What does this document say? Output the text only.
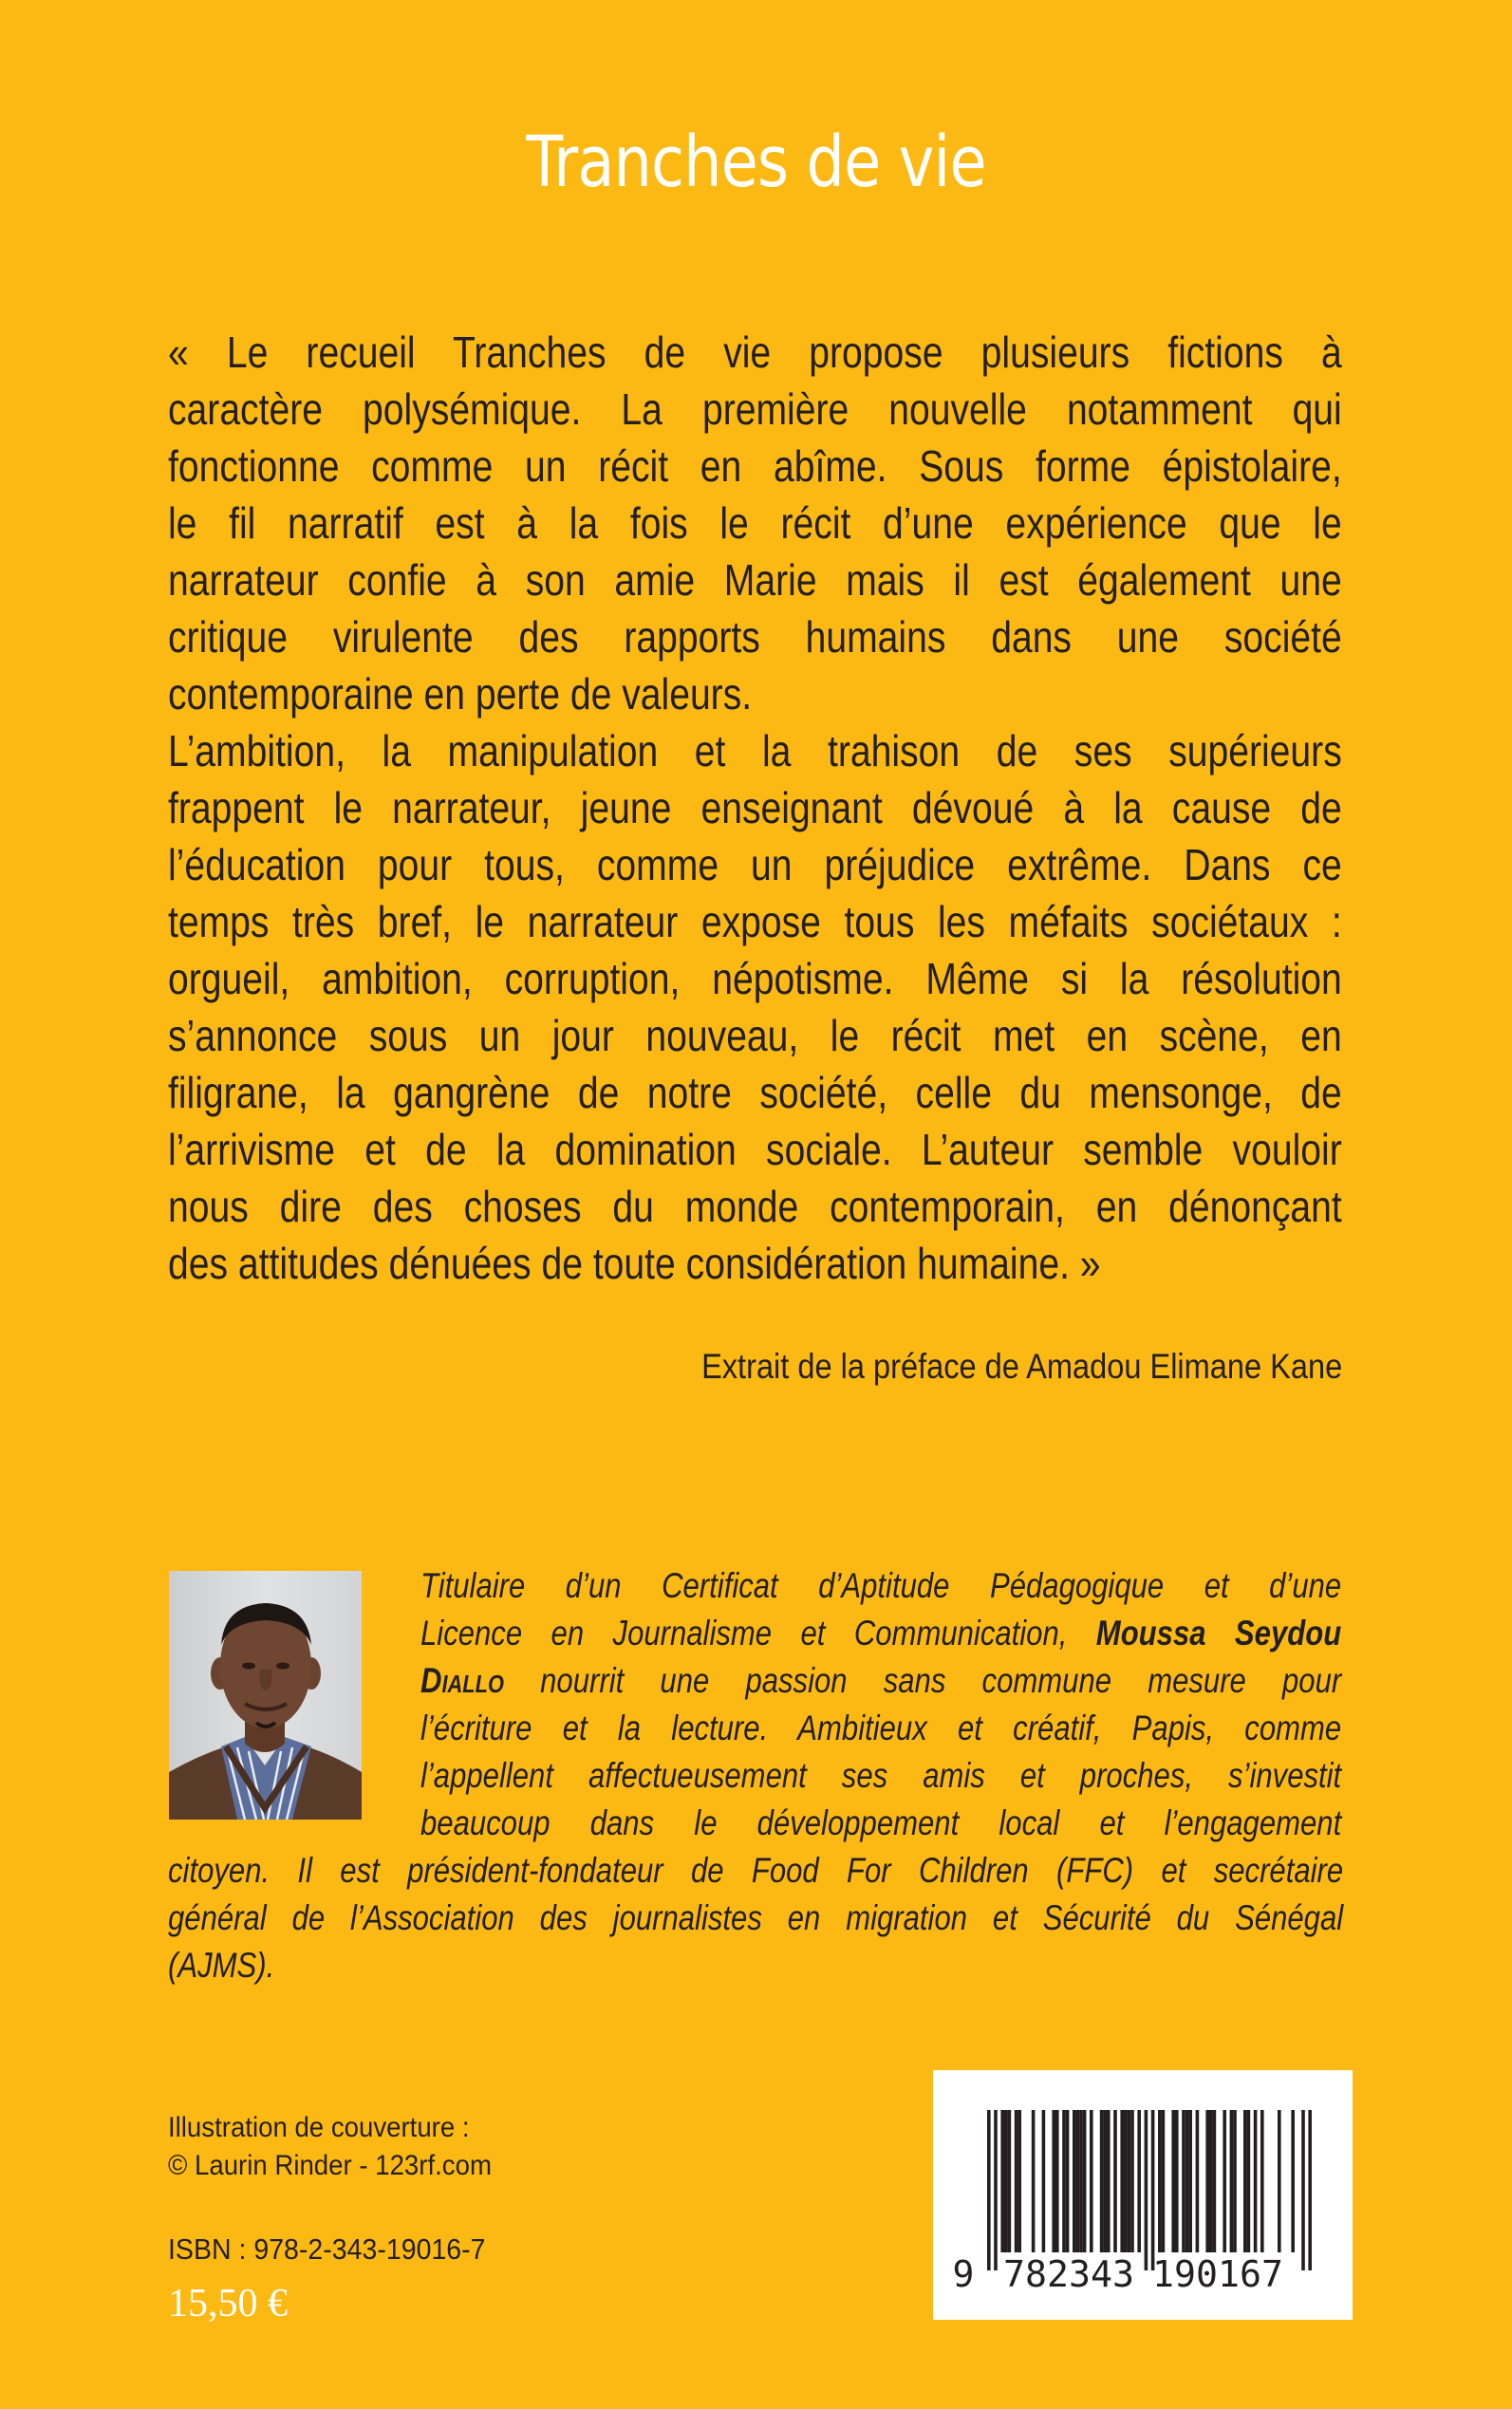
Tranches de vie
« Le recueil Tranches de vie propose plusieurs fictions à
caractère polysémique. La première nouvelle notamment qui
fonctionne comme un récit en abîme. Sous forme épistolaire,
le fil narratif est à la fois le récit d’une expérience que le
narrateur confie à son amie Marie mais il est également une
critique virulente des rapports humains dans une société
contemporaine en perte de valeurs.
L’ambition, la manipulation et la trahison de ses supérieurs
frappent le narrateur, jeune enseignant dévoué à la cause de
l’éducation pour tous, comme un préjudice extrême. Dans ce
temps très bref, le narrateur expose tous les méfaits sociétaux :
orgueil, ambition, corruption, népotisme. Même si la résolution
s’annonce sous un jour nouveau, le récit met en scène, en
filigrane, la gangrène de notre société, celle du mensonge, de
l’arrivisme et de la domination sociale. L’auteur semble vouloir
nous dire des choses du monde contemporain, en dénonçant
des attitudes dénuées de toute considération humaine. »
Extrait de la préface de Amadou Elimane Kane
Titulaire d’un Certificat d’Aptitude Pédagogique et d’une
Licence en Journalisme et Communication, Moussa Seydou
Diallo nourrit une passion sans commune mesure pour
l’écriture et la lecture. Ambitieux et créatif, Papis, comme
l’appellent affectueusement ses amis et proches, s’investit
beaucoup dans le développement local et l’engagement
citoyen. Il est président-fondateur de Food For Children (FFC) et secrétaire
général de l’Association des journalistes en migration et Sécurité du Sénégal
(AJMS).
Illustration de couverture :
© Laurin Rinder - 123rf.com
ISBN : 978-2-343-19016-7
15,50 €
9 782343 190167
